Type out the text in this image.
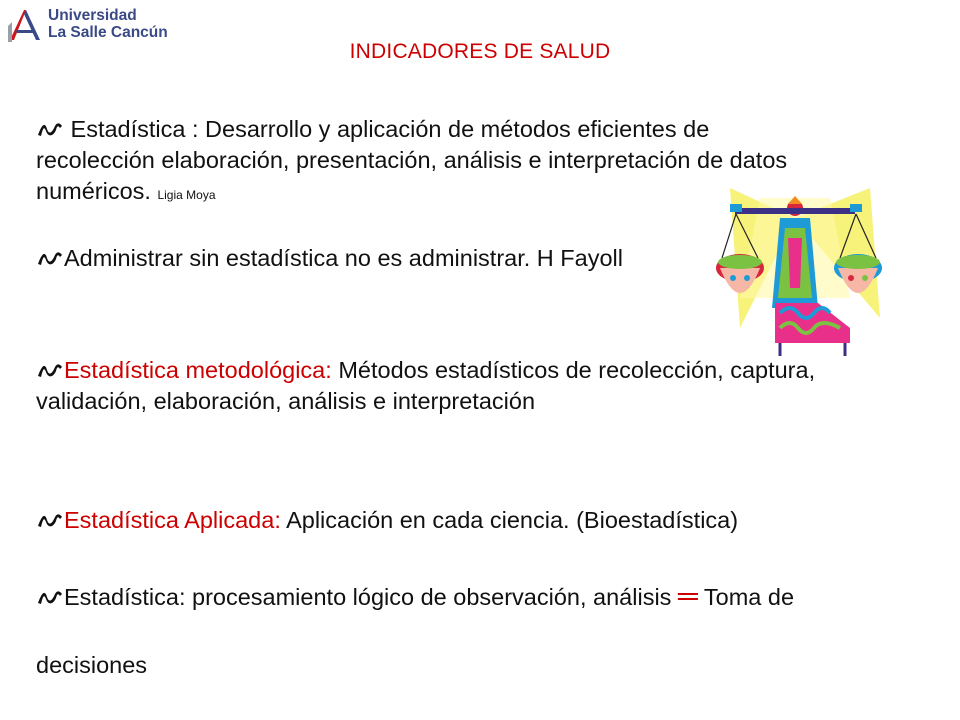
Universidad
La Salle Cancún
INDICADORES DE SALUD
Estadística : Desarrollo y aplicación de métodos eficientes de
recolección elaboración, presentación, análisis e interpretación de datos
numéricos. Ligia Moya
Administrar sin estadística no es administrar. H Fayoll
Estadística metodológica: Métodos estadísticos de recolección, captura,
validación, elaboración, análisis e interpretación
Estadística Aplicada: Aplicación en cada ciencia. (Bioestadística)
Estadística: procesamiento lógico de observación, análisis ═ Toma de
decisiones
